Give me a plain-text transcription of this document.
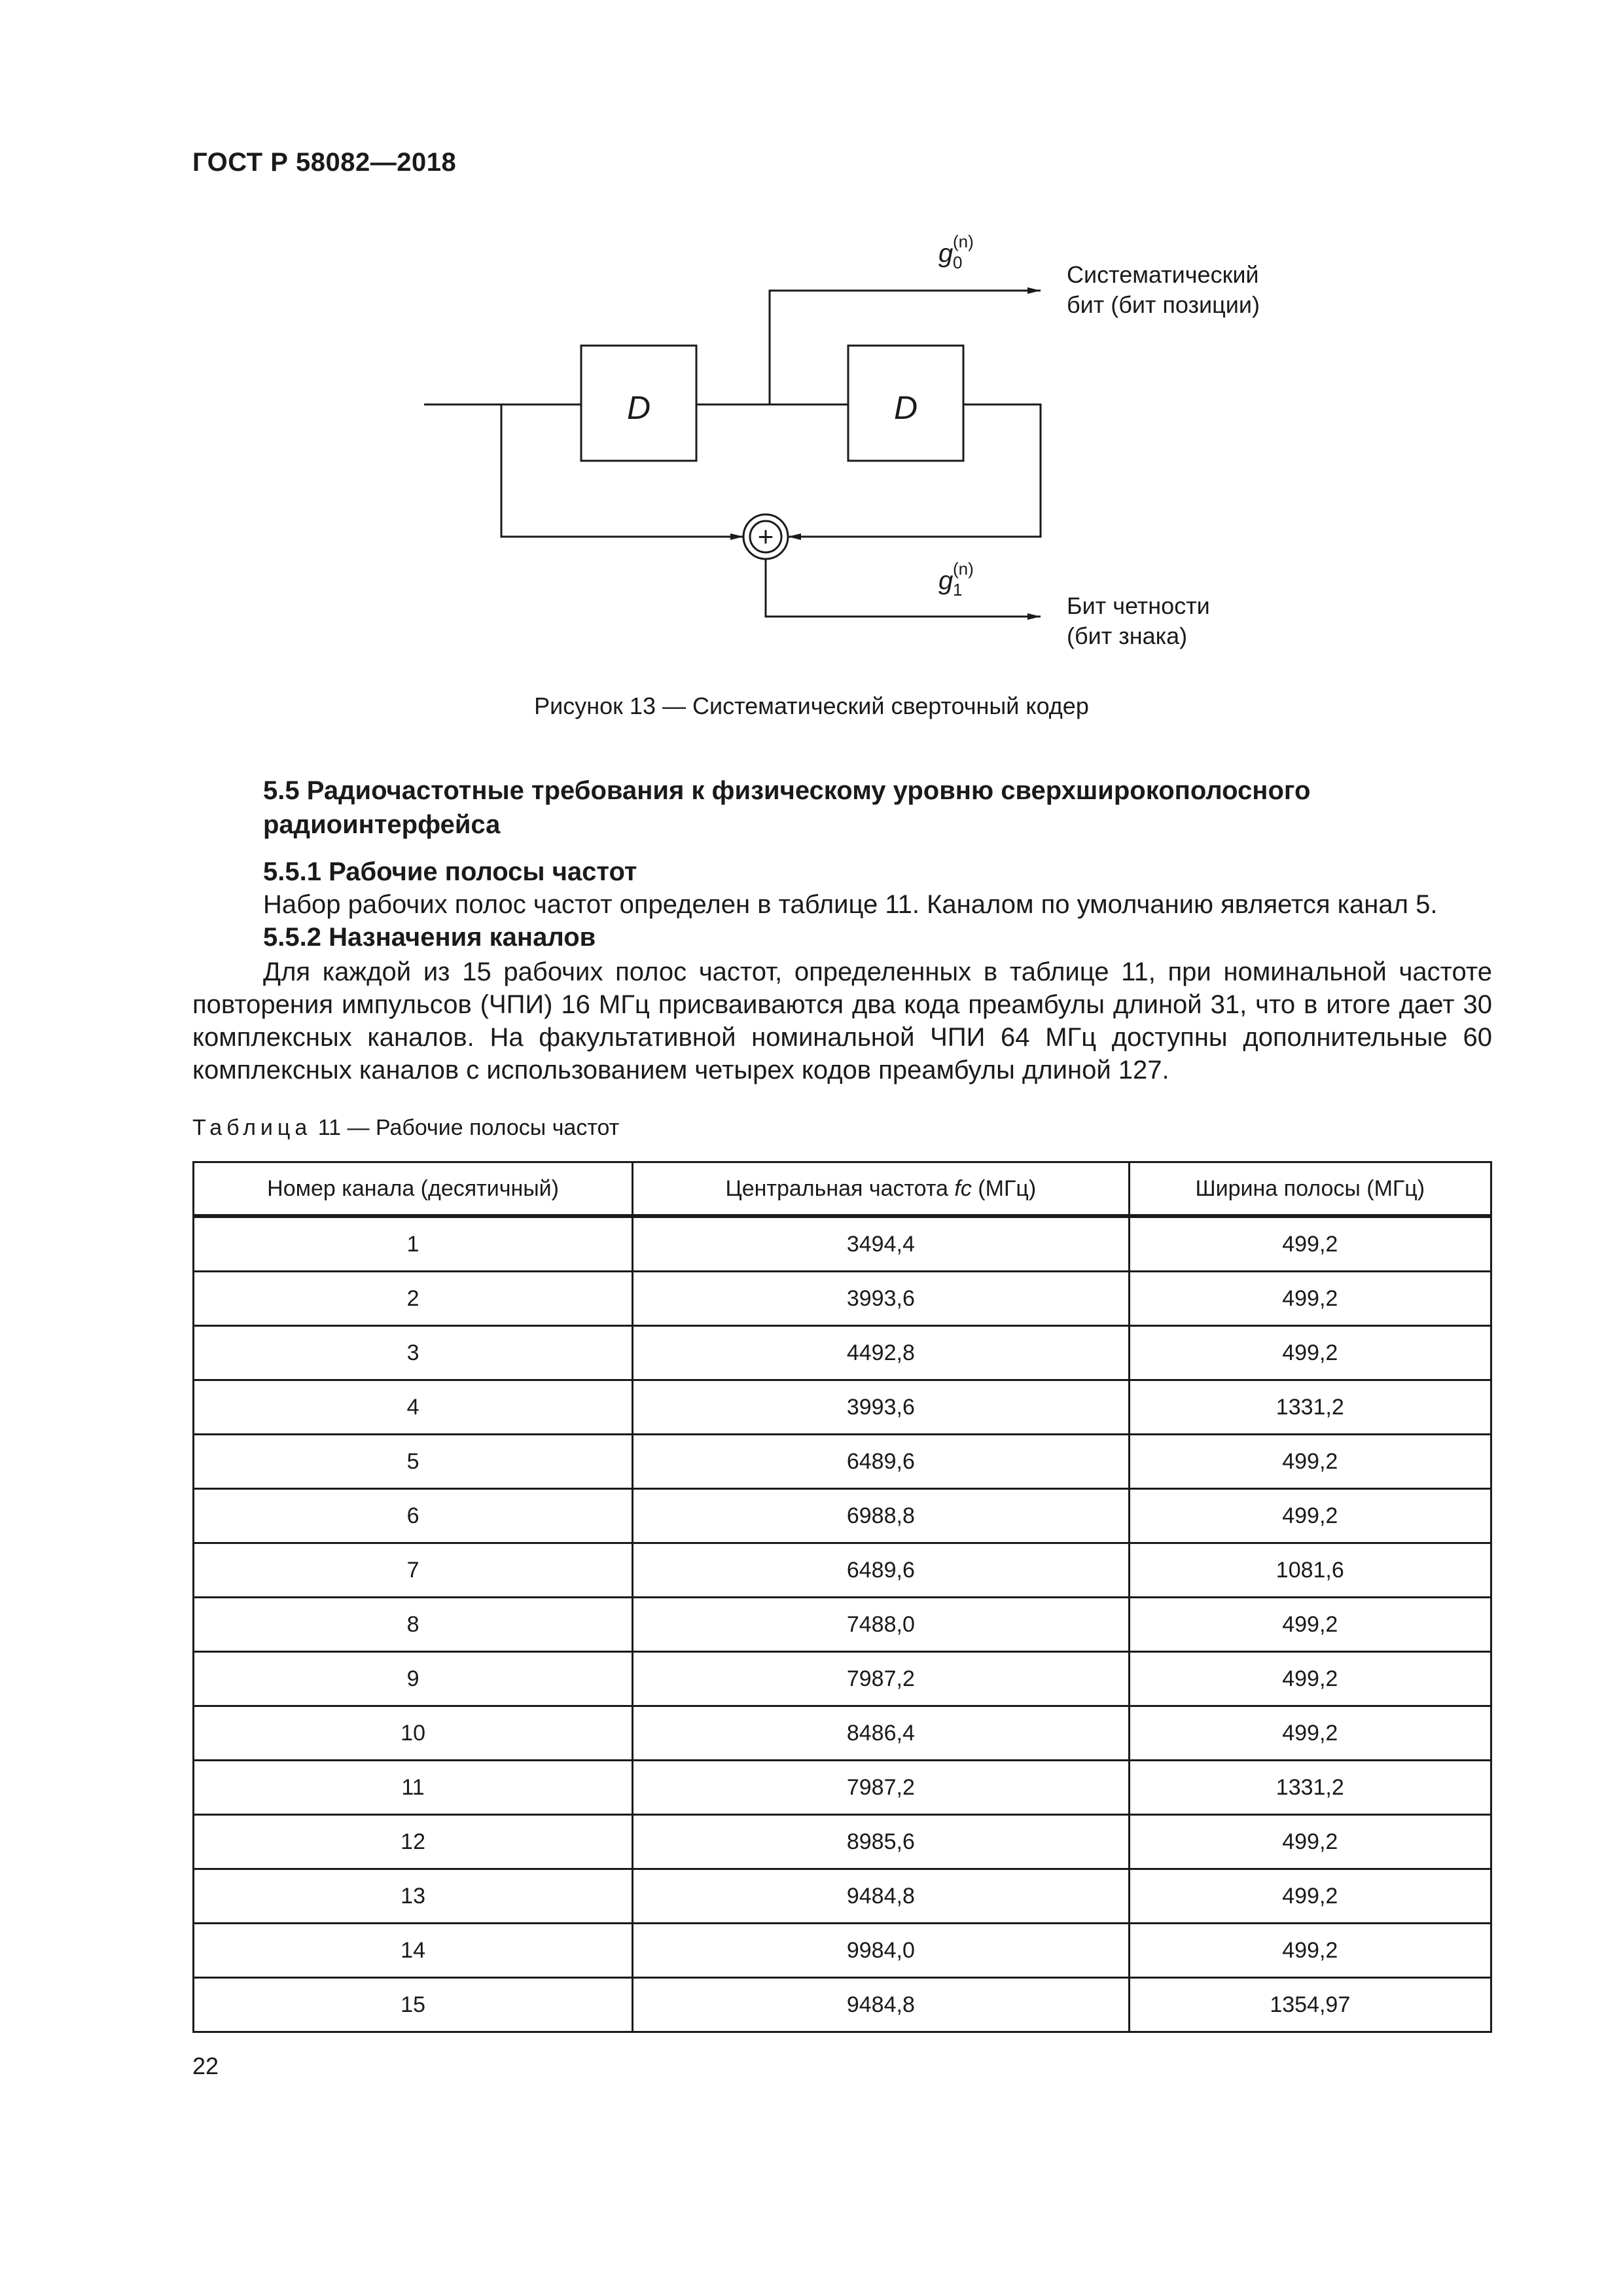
ГОСТ Р 58082—2018
D	D
+
g (n)
0
g (n)
1
Систематический
бит (бит позиции)
Бит четности
(бит знака)
Рисунок 13 — Систематический сверточный кодер
5.5 Радиочастотные требования к физическому уровню сверхширокополосного
радиоинтерфейса
5.5.1 Рабочие полосы частот
Набор рабочих полос частот определен в таблице 11. Каналом по умолчанию является канал 5.
5.5.2 Назначения каналов
Для каждой из 15 рабочих полос частот, определенных в таблице 11, при номинальной частоте повторения импульсов (ЧПИ) 16 МГц присваиваются два кода преамбулы длиной 31, что в итоге дает 30 комплексных каналов. На факультативной номинальной ЧПИ 64 МГц доступны дополнительные 60 комплексных каналов с использованием четырех кодов преамбулы длиной 127.
Таблица 11 — Рабочие полосы частот
Номер канала (десятичный)	Центральная частота fc (МГц)	Ширина полосы (МГц)
1	3494,4	499,2
2	3993,6	499,2
3	4492,8	499,2
4	3993,6	1331,2
5	6489,6	499,2
6	6988,8	499,2
7	6489,6	1081,6
8	7488,0	499,2
9	7987,2	499,2
10	8486,4	499,2
11	7987,2	1331,2
12	8985,6	499,2
13	9484,8	499,2
14	9984,0	499,2
15	9484,8	1354,97
22
